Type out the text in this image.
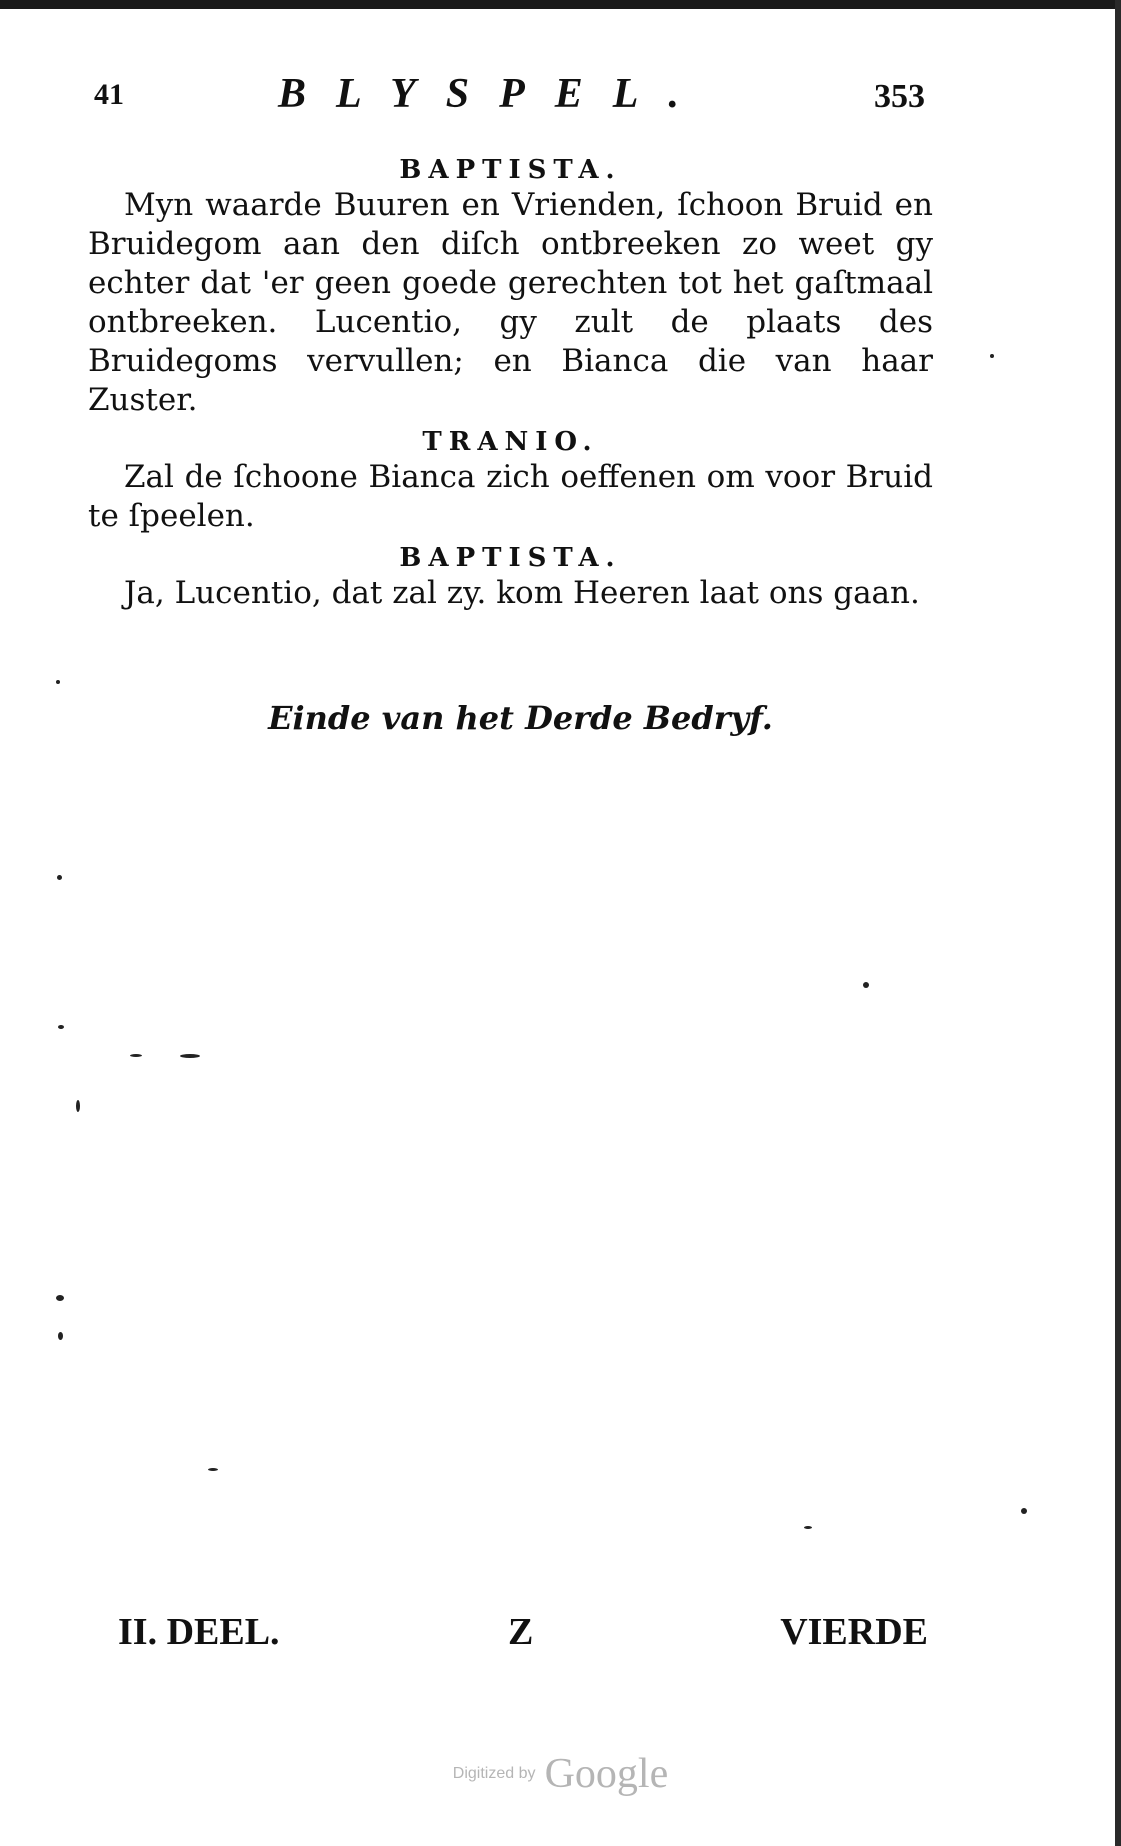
41	BLYSPEL.	353

BAPTISTA.

Myn waarde Buuren en Vrienden, ſchoon Bruid en Bruidegom aan den diſch ontbreeken zo weet gy echter dat 'er geen goede gerechten tot het gaſtmaal ontbreeken. Lucentio, gy zult de plaats des Bruidegoms vervullen; en Bianca die van haar Zuster.

TRANIO.

Zal de ſchoone Bianca zich oeffenen om voor Bruid te ſpeelen.

BAPTISTA.

Ja, Lucentio, dat zal zy. kom Heeren laat ons gaan.

Einde van het Derde Bedryf.
II. DEEL.	Z	VIERDE
Digitized by Google
